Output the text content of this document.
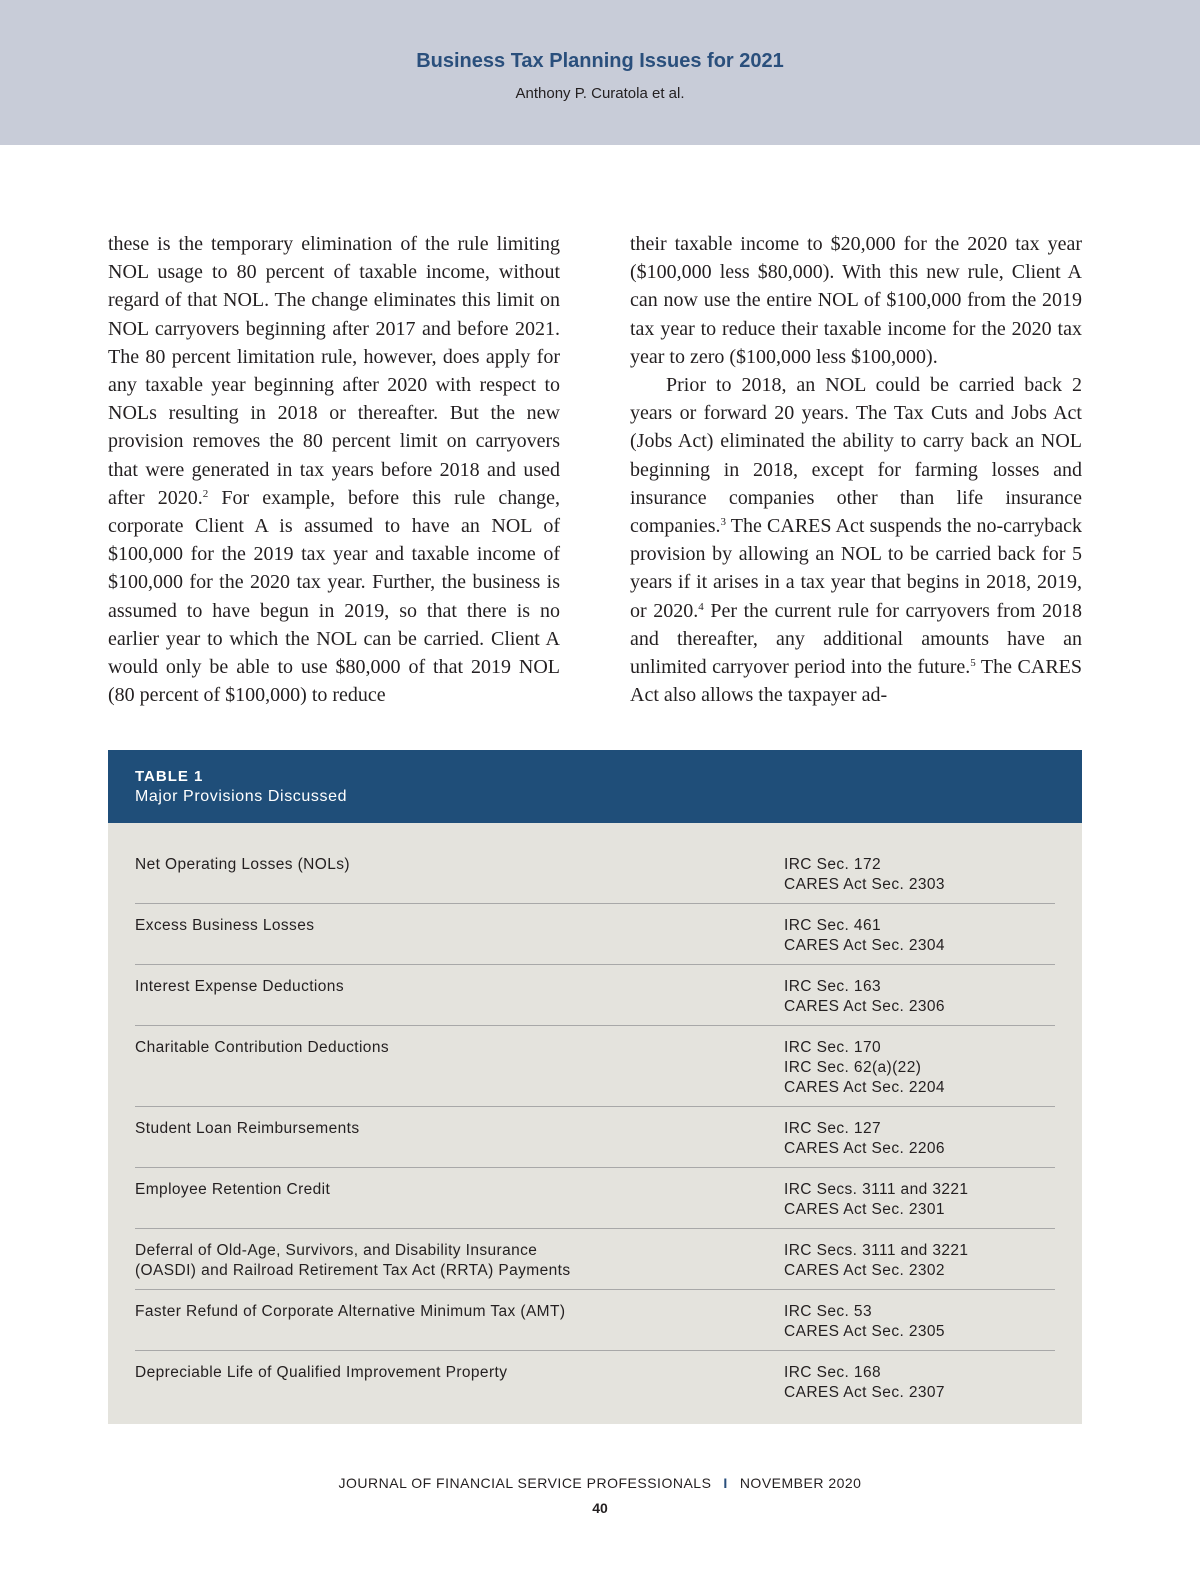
Business Tax Planning Issues for 2021
Anthony P. Curatola et al.

these is the temporary elimination of the rule limiting NOL usage to 80 percent of taxable income, without regard of that NOL. The change eliminates this limit on NOL carryovers beginning after 2017 and before 2021. The 80 percent limitation rule, however, does apply for any taxable year beginning after 2020 with respect to NOLs resulting in 2018 or thereafter. But the new provision removes the 80 percent limit on carryovers that were generated in tax years before 2018 and used after 2020.$^2$ For example, before this rule change, corporate Client A is assumed to have an NOL of $100,000 for the 2019 tax year and taxable income of $100,000 for the 2020 tax year. Further, the business is assumed to have begun in 2019, so that there is no earlier year to which the NOL can be carried. Client A would only be able to use $80,000 of that 2019 NOL (80 percent of $100,000) to reduce

their taxable income to $20,000 for the 2020 tax year ($100,000 less $80,000). With this new rule, Client A can now use the entire NOL of $100,000 from the 2019 tax year to reduce their taxable income for the 2020 tax year to zero ($100,000 less $100,000).

Prior to 2018, an NOL could be carried back 2 years or forward 20 years. The Tax Cuts and Jobs Act (Jobs Act) eliminated the ability to carry back an NOL beginning in 2018, except for farming losses and insurance companies other than life insurance companies.$^3$ The CARES Act suspends the no-carryback provision by allowing an NOL to be carried back for 5 years if it arises in a tax year that begins in 2018, 2019, or 2020.$^4$ Per the current rule for carryovers from 2018 and thereafter, any additional amounts have an unlimited carryover period into the future.$^5$ The CARES Act also allows the taxpayer ad-

TABLE 1
Major Provisions Discussed
Net Operating Losses (NOLs)	IRC Sec. 172
CARES Act Sec. 2303
Excess Business Losses	IRC Sec. 461
CARES Act Sec. 2304
Interest Expense Deductions	IRC Sec. 163
CARES Act Sec. 2306
Charitable Contribution Deductions	IRC Sec. 170
IRC Sec. 62(a)(22)
CARES Act Sec. 2204
Student Loan Reimbursements	IRC Sec. 127
CARES Act Sec. 2206
Employee Retention Credit	IRC Secs. 3111 and 3221
CARES Act Sec. 2301
Deferral of Old-Age, Survivors, and Disability Insurance
(OASDI) and Railroad Retirement Tax Act (RRTA) Payments
IRC Secs. 3111 and 3221
CARES Act Sec. 2302
Faster Refund of Corporate Alternative Minimum Tax (AMT)	IRC Sec. 53
CARES Act Sec. 2305
Depreciable Life of Qualified Improvement Property	IRC Sec. 168
CARES Act Sec. 2307
JOURNAL OF FINANCIAL SERVICE PROFESSIONALS I NOVEMBER 2020
40
